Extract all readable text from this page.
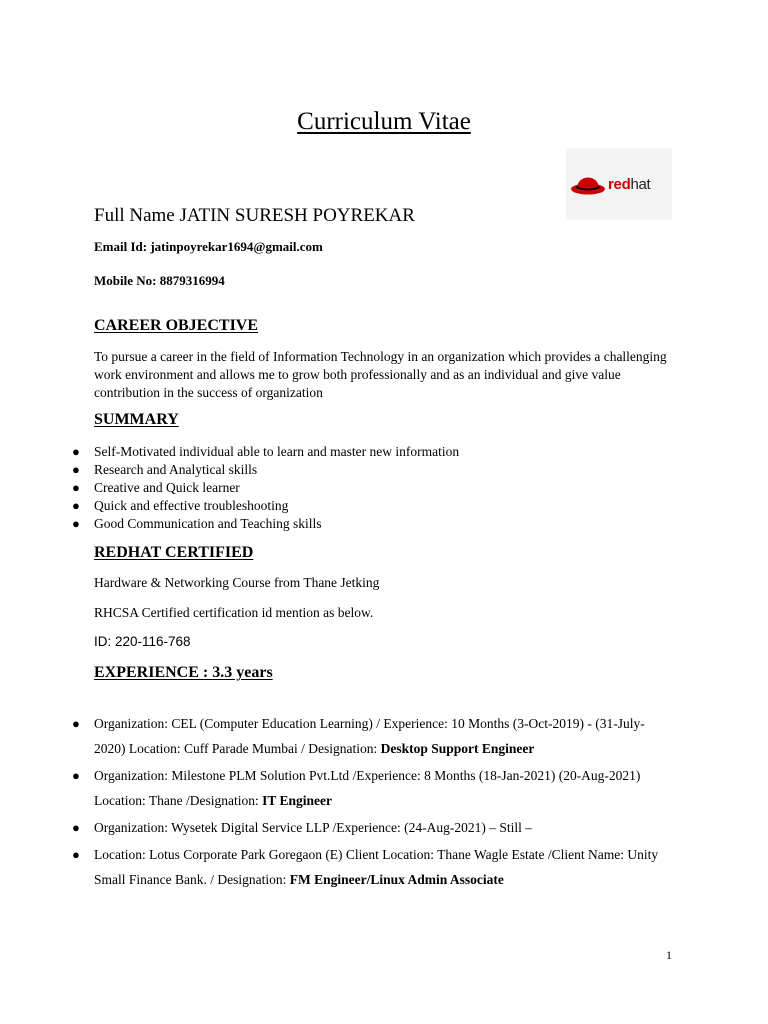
Curriculum Vitae
redhat
Full Name JATIN SURESH POYREKAR
Email Id: jatinpoyrekar1694@gmail.com
Mobile No: 8879316994
CAREER OBJECTIVE
To pursue a career in the field of Information Technology in an organization which provides a challenging work environment and allows me to grow both professionally and as an individual and give value contribution in the success of organization
SUMMARY
● Self-Motivated individual able to learn and master new information
● Research and Analytical skills
● Creative and Quick learner
● Quick and effective troubleshooting
● Good Communication and Teaching skills
REDHAT CERTIFIED
Hardware & Networking Course from Thane Jetking
RHCSA Certified certification id mention as below.
ID: 220-116-768
EXPERIENCE : 3.3 years
● Organization: CEL (Computer Education Learning) / Experience: 10 Months (3-Oct-2019) - (31-July-2020) Location: Cuff Parade Mumbai / Designation: Desktop Support Engineer
● Organization: Milestone PLM Solution Pvt.Ltd /Experience: 8 Months (18-Jan-2021) (20-Aug-2021) Location: Thane /Designation: IT Engineer
● Organization: Wysetek Digital Service LLP /Experience: (24-Aug-2021) – Still –
● Location: Lotus Corporate Park Goregaon (E) Client Location: Thane Wagle Estate /Client Name: Unity Small Finance Bank. / Designation: FM Engineer/Linux Admin Associate
1
